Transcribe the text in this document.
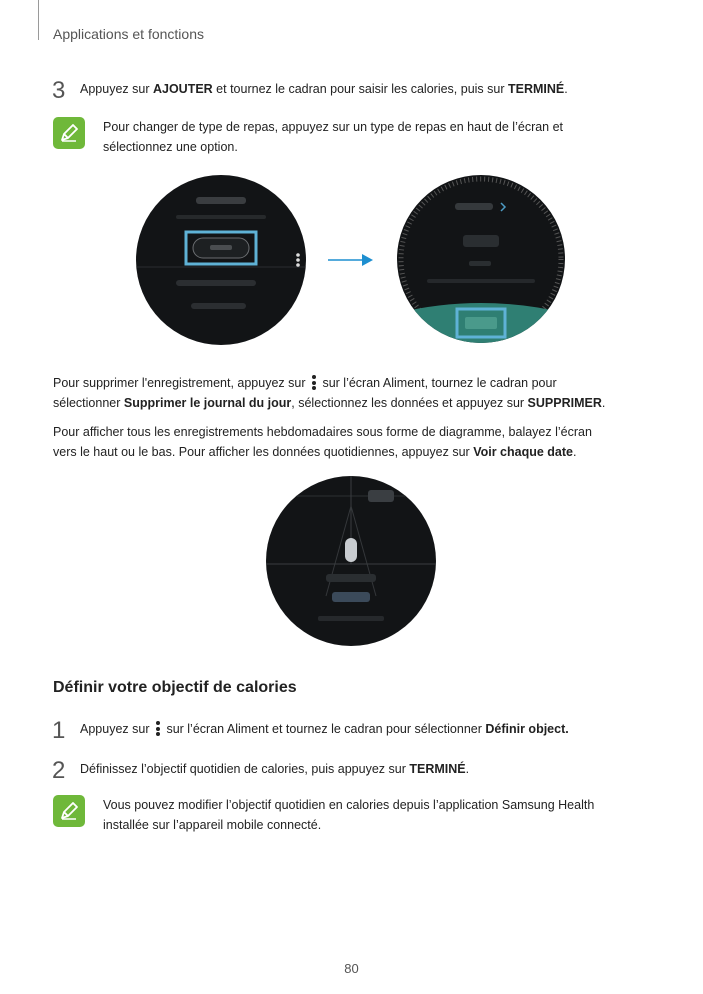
Applications et fonctions
3	Appuyez sur AJOUTER et tournez le cadran pour saisir les calories, puis sur TERMINÉ.
Pour changer de type de repas, appuyez sur un type de repas en haut de l’écran et
sélectionnez une option.
Pour supprimer l'enregistrement, appuyez sur
sur l’écran Aliment, tournez le cadran pour
sélectionner Supprimer le journal du jour, sélectionnez les données et appuyez sur SUPPRIMER.
Pour afficher tous les enregistrements hebdomadaires sous forme de diagramme, balayez l’écran
vers le haut ou le bas. Pour afficher les données quotidiennes, appuyez sur Voir chaque date.
Définir votre objectif de calories
1	Appuyez sur
sur l’écran Aliment et tournez le cadran pour sélectionner Définir object.
2	Définissez l’objectif quotidien de calories, puis appuyez sur TERMINÉ.
Vous pouvez modifier l’objectif quotidien en calories depuis l’application Samsung Health
installée sur l’appareil mobile connecté.
80
